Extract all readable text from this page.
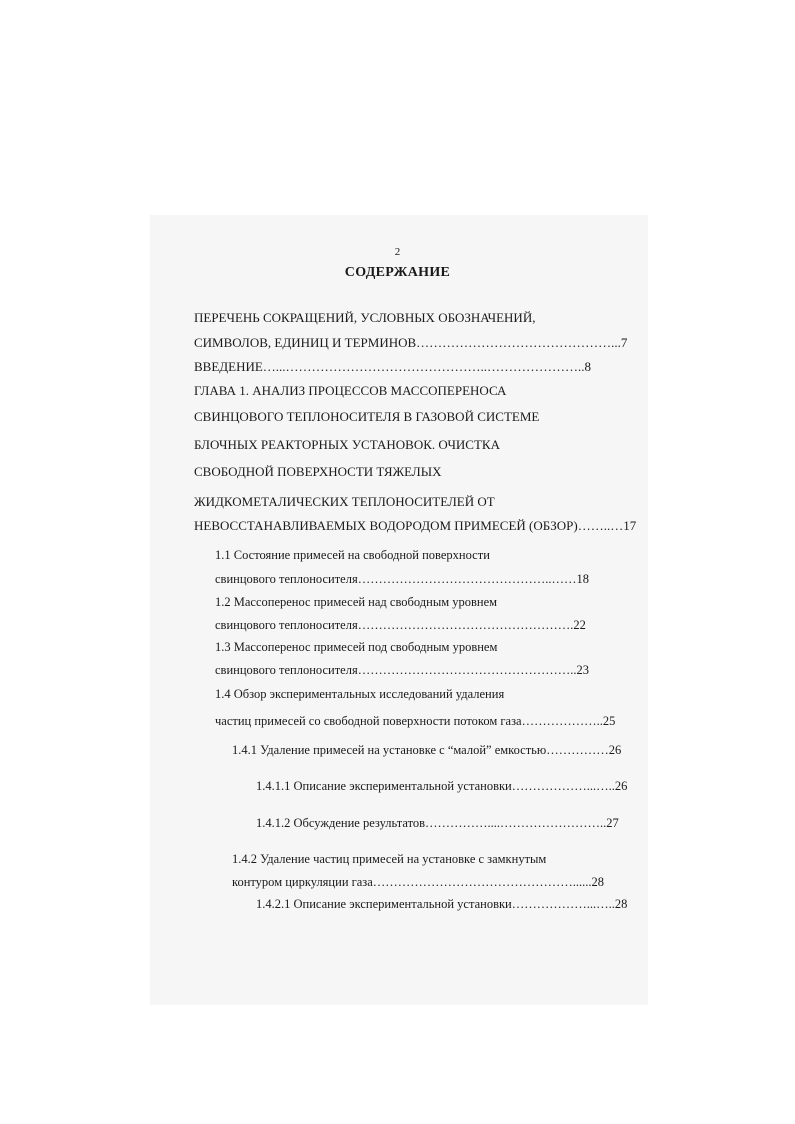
2
СОДЕРЖАНИЕ
ПЕРЕЧЕНЬ СОКРАЩЕНИЙ, УСЛОВНЫХ ОБОЗНАЧЕНИЙ,
СИМВОЛОВ, ЕДИНИЦ И ТЕРМИНОВ………………………………………...7
ВВЕДЕНИЕ…...………………………………………..…………………..8
ГЛАВА 1. АНАЛИЗ ПРОЦЕССОВ МАССОПЕРЕНОСА
СВИНЦОВОГО ТЕПЛОНОСИТЕЛЯ В ГАЗОВОЙ СИСТЕМЕ
БЛОЧНЫХ РЕАКТОРНЫХ УСТАНОВОК. ОЧИСТКА
СВОБОДНОЙ ПОВЕРХНОСТИ ТЯЖЕЛЫХ
ЖИДКОМЕТАЛИЧЕСКИХ ТЕПЛОНОСИТЕЛЕЙ ОТ
НЕВОССТАНАВЛИВАЕМЫХ ВОДОРОДОМ ПРИМЕСЕЙ (ОБЗОР)……..…17
1.1 Состояние примесей на свободной поверхности
свинцового теплоносителя………………………………………..……18
1.2 Массоперенос примесей над свободным уровнем
свинцового теплоносителя…………………………………………….22
1.3 Массоперенос примесей под свободным уровнем
свинцового теплоносителя……………………………………………..23
1.4 Обзор экспериментальных исследований удаления
частиц примесей со свободной поверхности потоком газа………………..25
1.4.1 Удаление примесей на установке с “малой” емкостью……………26
1.4.1.1 Описание экспериментальной установки………………...…..26
1.4.1.2 Обсуждение результатов……………....……………………..27
1.4.2 Удаление частиц примесей на установке с замкнутым
контуром циркуляции газа…………………………………………......28
1.4.2.1 Описание экспериментальной установки………………...…..28
